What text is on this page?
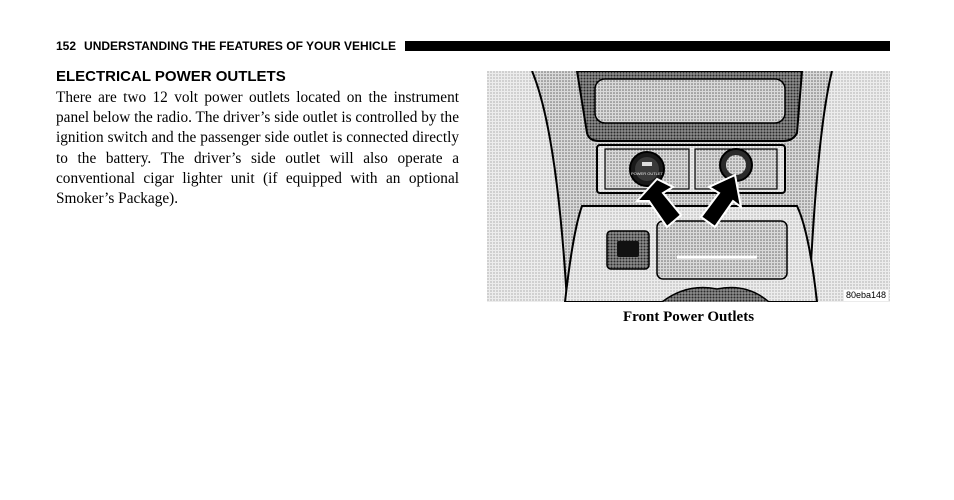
152 UNDERSTANDING THE FEATURES OF YOUR VEHICLE
ELECTRICAL POWER OUTLETS

There are two 12 volt power outlets located on the instrument panel below the radio. The driver’s side outlet is controlled by the ignition switch and the passenger side outlet is connected directly to the battery. The driver’s side outlet will also operate a conventional cigar lighter unit (if equipped with an optional Smoker’s Package).

POWER OUTLET
80eba148
Front Power Outlets
